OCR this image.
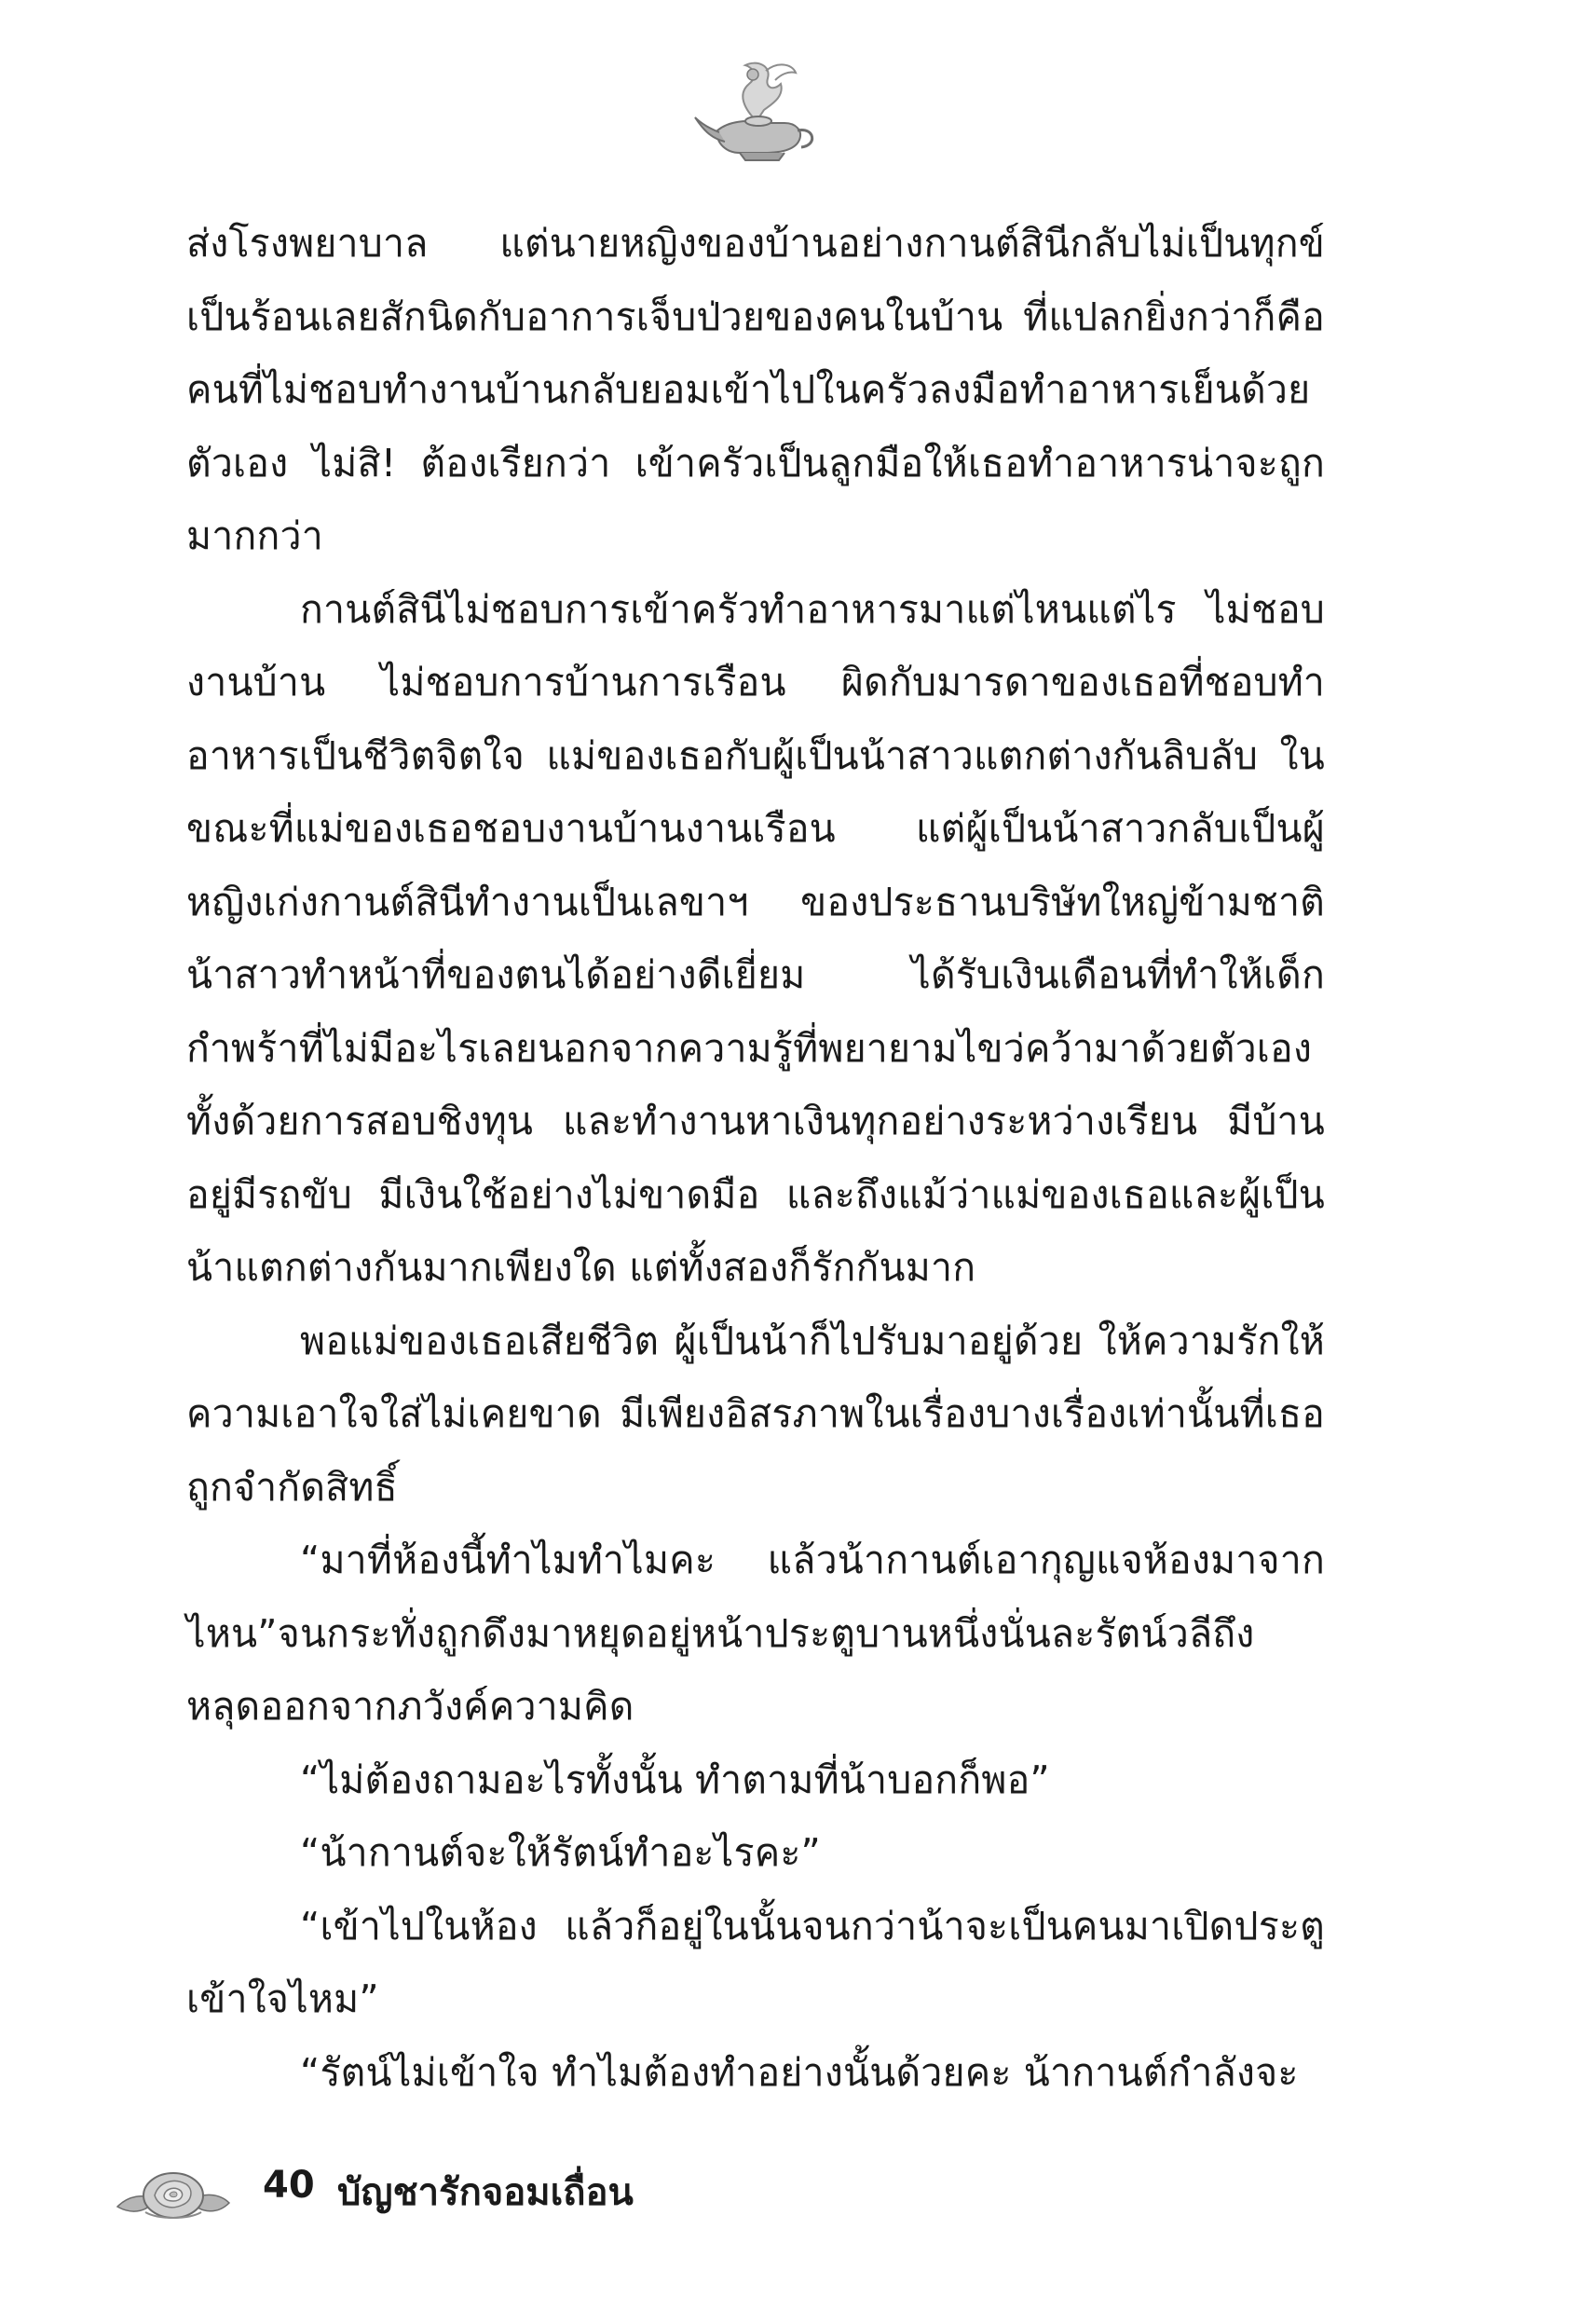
ส่งโรงพยาบาล แต่นายหญิงของบ้านอย่างกานต์สินีกลับไม่เป็นทุกข์เป็นร้อนเลยสักนิดกับอาการเจ็บป่วยของคนในบ้าน ที่แปลกยิ่งกว่าก็คือคนที่ไม่ชอบทำงานบ้านกลับยอมเข้าไปในครัวลงมือทำอาหารเย็นด้วยตัวเอง ไม่สิ! ต้องเรียกว่า เข้าครัวเป็นลูกมือให้เธอทำอาหารน่าจะถูกมากกว่า

กานต์สินีไม่ชอบการเข้าครัวทำอาหารมาแต่ไหนแต่ไร ไม่ชอบงานบ้าน ไม่ชอบการบ้านการเรือน ผิดกับมารดาของเธอที่ชอบทำอาหารเป็นชีวิตจิตใจ แม่ของเธอกับผู้เป็นน้าสาวแตกต่างกันลิบลับ ในขณะที่แม่ของเธอชอบงานบ้านงานเรือน แต่ผู้เป็นน้าสาวกลับเป็นผู้หญิงเก่งกานต์สินีทำงานเป็นเลขาฯ ของประธานบริษัทใหญ่ข้ามชาติ น้าสาวทำหน้าที่ของตนได้อย่างดีเยี่ยม ได้รับเงินเดือนที่ทำให้เด็กกำพร้าที่ไม่มีอะไรเลยนอกจากความรู้ที่พยายามไขว่คว้ามาด้วยตัวเอง ทั้งด้วยการสอบชิงทุน และทำงานหาเงินทุกอย่างระหว่างเรียน มีบ้านอยู่มีรถขับ มีเงินใช้อย่างไม่ขาดมือ และถึงแม้ว่าแม่ของเธอและผู้เป็นน้าแตกต่างกันมากเพียงใด แต่ทั้งสองก็รักกันมาก

พอแม่ของเธอเสียชีวิต ผู้เป็นน้าก็ไปรับมาอยู่ด้วย ให้ความรักให้ความเอาใจใส่ไม่เคยขาด มีเพียงอิสรภาพในเรื่องบางเรื่องเท่านั้นที่เธอถูกจำกัดสิทธิ์

“มาที่ห้องนี้ทำไมทำไมคะ แล้วน้ากานต์เอากุญแจห้องมาจากไหน”จนกระทั่งถูกดึงมาหยุดอยู่หน้าประตูบานหนึ่งนั่นละรัตน์วลีถึงหลุดออกจากภวังค์ความคิด

“ไม่ต้องถามอะไรทั้งนั้น ทำตามที่น้าบอกก็พอ”

“น้ากานต์จะให้รัตน์ทำอะไรคะ”

“เข้าไปในห้อง แล้วก็อยู่ในนั้นจนกว่าน้าจะเป็นคนมาเปิดประตูเข้าใจไหม”

“รัตน์ไม่เข้าใจ ทำไมต้องทำอย่างนั้นด้วยคะ น้ากานต์กำลังจะ

40 บัญชารักจอมเถื่อน
